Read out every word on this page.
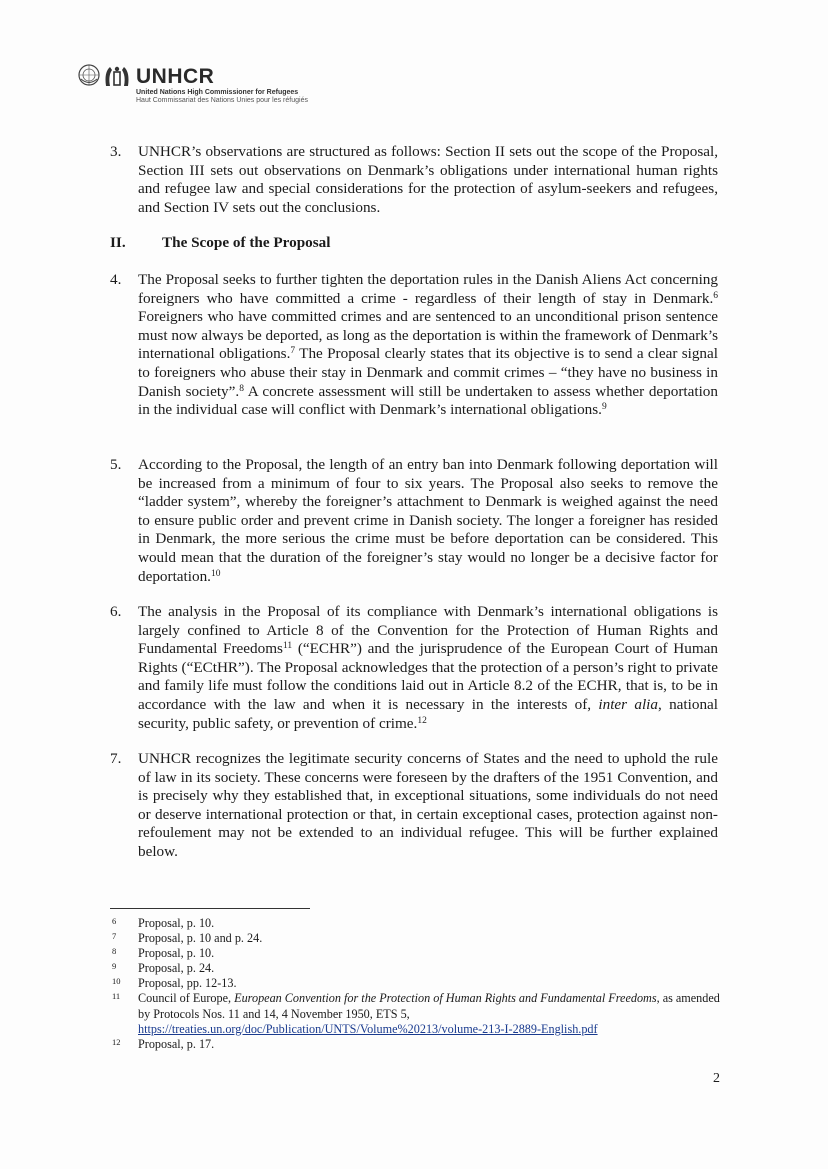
UNHCR
United Nations High Commissioner for Refugees
Haut Commissariat des Nations Unies pour les réfugiés
3. UNHCR’s observations are structured as follows: Section II sets out the scope of the Proposal, Section III sets out observations on Denmark’s obligations under international human rights and refugee law and special considerations for the protection of asylum-seekers and refugees, and Section IV sets out the conclusions.
II. The Scope of the Proposal
4. The Proposal seeks to further tighten the deportation rules in the Danish Aliens Act concerning foreigners who have committed a crime - regardless of their length of stay in Denmark.$^6$ Foreigners who have committed crimes and are sentenced to an unconditional prison sentence must now always be deported, as long as the deportation is within the framework of Denmark’s international obligations.$^7$ The Proposal clearly states that its objective is to send a clear signal to foreigners who abuse their stay in Denmark and commit crimes – “they have no business in Danish society”.$^8$ A concrete assessment will still be undertaken to assess whether deportation in the individual case will conflict with Denmark’s international obligations.$^9$
5. According to the Proposal, the length of an entry ban into Denmark following deportation will be increased from a minimum of four to six years. The Proposal also seeks to remove the “ladder system”, whereby the foreigner’s attachment to Denmark is weighed against the need to ensure public order and prevent crime in Danish society. The longer a foreigner has resided in Denmark, the more serious the crime must be before deportation can be considered. This would mean that the duration of the foreigner’s stay would no longer be a decisive factor for deportation.$^{10}$
6. The analysis in the Proposal of its compliance with Denmark’s international obligations is largely confined to Article 8 of the Convention for the Protection of Human Rights and Fundamental Freedoms$^{11}$ (“ECHR”) and the jurisprudence of the European Court of Human Rights (“ECtHR”). The Proposal acknowledges that the protection of a person’s right to private and family life must follow the conditions laid out in Article 8.2 of the ECHR, that is, to be in accordance with the law and when it is necessary in the interests of, inter alia, national security, public safety, or prevention of crime.$^{12}$
7. UNHCR recognizes the legitimate security concerns of States and the need to uphold the rule of law in its society. These concerns were foreseen by the drafters of the 1951 Convention, and is precisely why they established that, in exceptional situations, some individuals do not need or deserve international protection or that, in certain exceptional cases, protection against non-refoulement may not be extended to an individual refugee. This will be further explained below.
6 Proposal, p. 10.
7 Proposal, p. 10 and p. 24.
8 Proposal, p. 10.
9 Proposal, p. 24.
10 Proposal, pp. 12-13.
11 Council of Europe, European Convention for the Protection of Human Rights and Fundamental Freedoms, as amended by Protocols Nos. 11 and 14, 4 November 1950, ETS 5,
https://treaties.un.org/doc/Publication/UNTS/Volume%20213/volume-213-I-2889-English.pdf
12 Proposal, p. 17.
2
